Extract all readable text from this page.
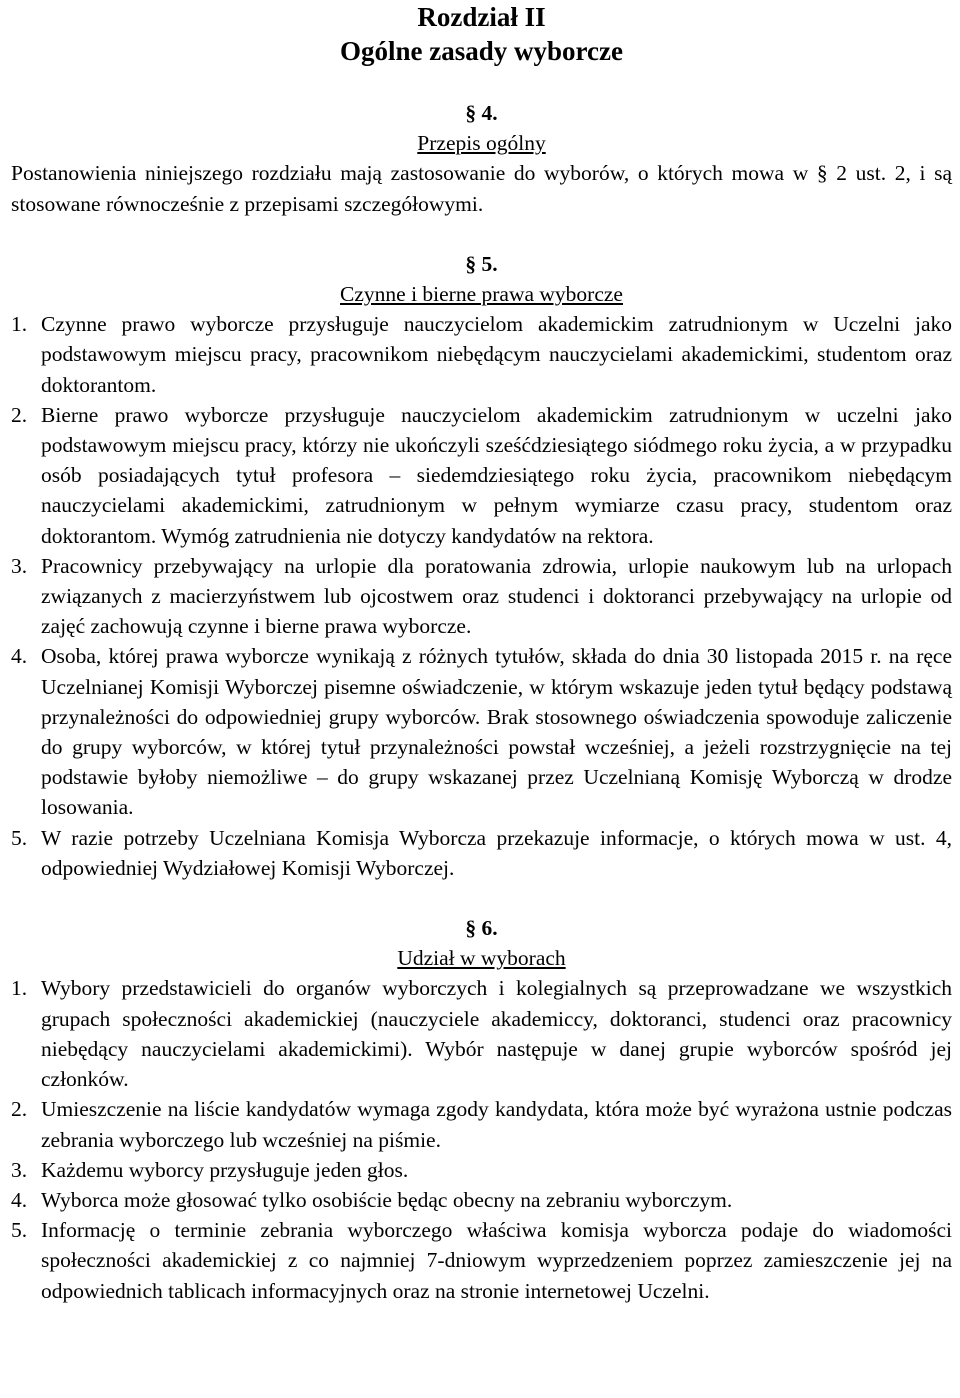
Rozdział II
Ogólne zasady wyborcze
§ 4.
Przepis ogólny
Postanowienia niniejszego rozdziału mają zastosowanie do wyborów, o których mowa w § 2 ust. 2, i są stosowane równocześnie z przepisami szczegółowymi.
§ 5.
Czynne i bierne prawa wyborcze
1. Czynne prawo wyborcze przysługuje nauczycielom akademickim zatrudnionym w Uczelni jako podstawowym miejscu pracy, pracownikom niebędącym nauczycielami akademickimi, studentom oraz doktorantom.
2. Bierne prawo wyborcze przysługuje nauczycielom akademickim zatrudnionym w uczelni jako podstawowym miejscu pracy, którzy nie ukończyli sześćdziesiątego siódmego roku życia, a w przypadku osób posiadających tytuł profesora – siedemdziesiątego roku życia, pracownikom niebędącym nauczycielami akademickimi, zatrudnionym w pełnym wymiarze czasu pracy, studentom oraz doktorantom. Wymóg zatrudnienia nie dotyczy kandydatów na rektora.
3. Pracownicy przebywający na urlopie dla poratowania zdrowia, urlopie naukowym lub na urlopach związanych z macierzyństwem lub ojcostwem oraz studenci i doktoranci przebywający na urlopie od zajęć zachowują czynne i bierne prawa wyborcze.
4. Osoba, której prawa wyborcze wynikają z różnych tytułów, składa do dnia 30 listopada 2015 r. na ręce Uczelnianej Komisji Wyborczej pisemne oświadczenie, w którym wskazuje jeden tytuł będący podstawą przynależności do odpowiedniej grupy wyborców. Brak stosownego oświadczenia spowoduje zaliczenie do grupy wyborców, w której tytuł przynależności powstał wcześniej, a jeżeli rozstrzygnięcie na tej podstawie byłoby niemożliwe – do grupy wskazanej przez Uczelnianą Komisję Wyborczą w drodze losowania.
5. W razie potrzeby Uczelniana Komisja Wyborcza przekazuje informacje, o których mowa w ust. 4, odpowiedniej Wydziałowej Komisji Wyborczej.
§ 6.
Udział w wyborach
1. Wybory przedstawicieli do organów wyborczych i kolegialnych są przeprowadzane we wszystkich grupach społeczności akademickiej (nauczyciele akademiccy, doktoranci, studenci oraz pracownicy niebędący nauczycielami akademickimi). Wybór następuje w danej grupie wyborców spośród jej członków.
2. Umieszczenie na liście kandydatów wymaga zgody kandydata, która może być wyrażona ustnie podczas zebrania wyborczego lub wcześniej na piśmie.
3. Każdemu wyborcy przysługuje jeden głos.
4. Wyborca może głosować tylko osobiście będąc obecny na zebraniu wyborczym.
5. Informację o terminie zebrania wyborczego właściwa komisja wyborcza podaje do wiadomości społeczności akademickiej z co najmniej 7-dniowym wyprzedzeniem poprzez zamieszczenie jej na odpowiednich tablicach informacyjnych oraz na stronie internetowej Uczelni.
